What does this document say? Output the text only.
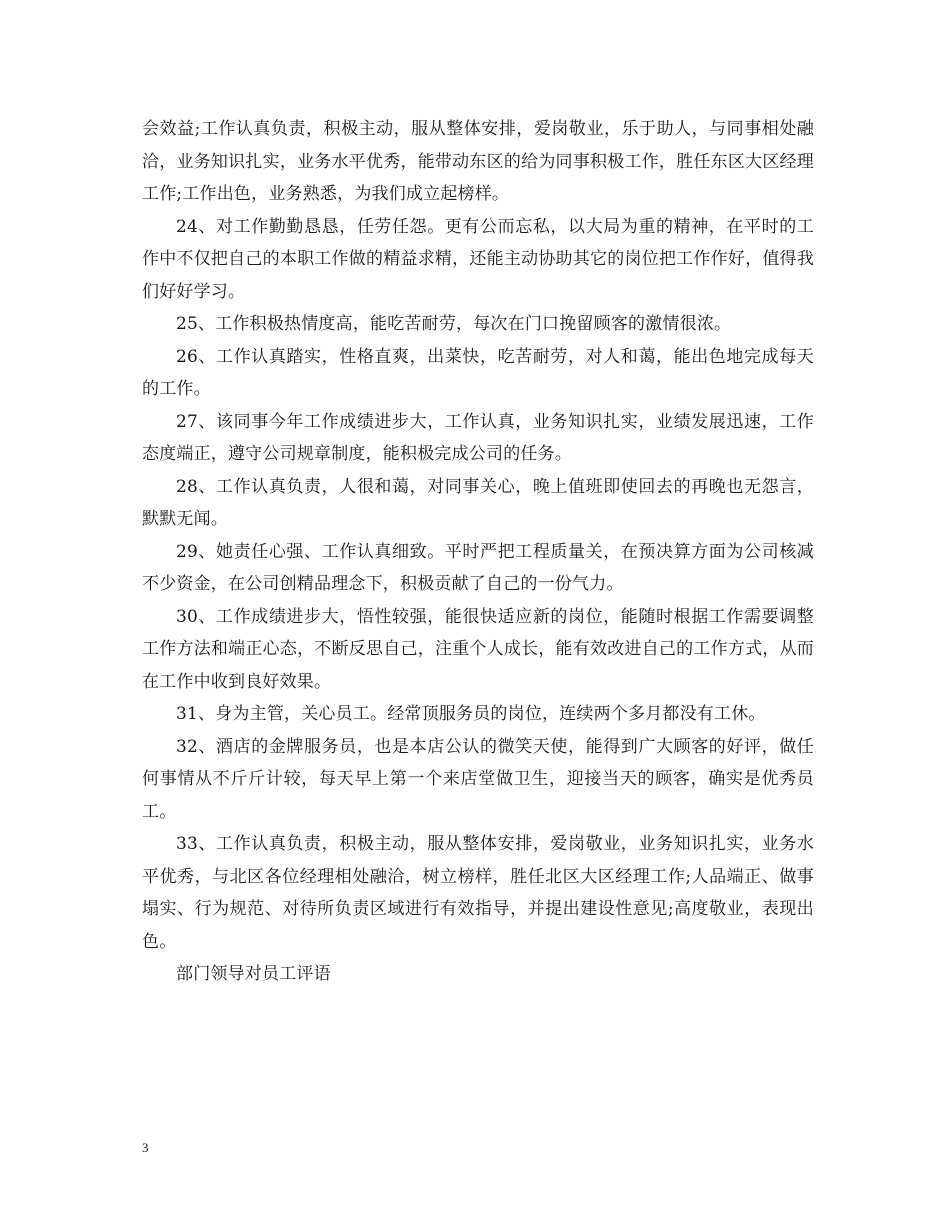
会效益;工作认真负责，积极主动，服从整体安排，爱岗敬业，乐于助人，与同事相处融洽，业务知识扎实，业务水平优秀，能带动东区的给为同事积极工作，胜任东区大区经理工作;工作出色，业务熟悉，为我们成立起榜样。

24、对工作勤勤恳恳，任劳任怨。更有公而忘私，以大局为重的精神，在平时的工作中不仅把自己的本职工作做的精益求精，还能主动协助其它的岗位把工作作好，值得我们好好学习。

25、工作积极热情度高，能吃苦耐劳，每次在门口挽留顾客的激情很浓。

26、工作认真踏实，性格直爽，出菜快，吃苦耐劳，对人和蔼，能出色地完成每天的工作。

27、该同事今年工作成绩进步大，工作认真，业务知识扎实，业绩发展迅速，工作态度端正，遵守公司规章制度，能积极完成公司的任务。

28、工作认真负责，人很和蔼，对同事关心，晚上值班即使回去的再晚也无怨言，默默无闻。

29、她责任心强、工作认真细致。平时严把工程质量关，在预决算方面为公司核减不少资金，在公司创精品理念下，积极贡献了自己的一份气力。

30、工作成绩进步大，悟性较强，能很快适应新的岗位，能随时根据工作需要调整工作方法和端正心态，不断反思自己，注重个人成长，能有效改进自己的工作方式，从而在工作中收到良好效果。

31、身为主管，关心员工。经常顶服务员的岗位，连续两个多月都没有工休。

32、酒店的金牌服务员，也是本店公认的微笑天使，能得到广大顾客的好评，做任何事情从不斤斤计较，每天早上第一个来店堂做卫生，迎接当天的顾客，确实是优秀员工。

33、工作认真负责，积极主动，服从整体安排，爱岗敬业，业务知识扎实，业务水平优秀，与北区各位经理相处融洽，树立榜样，胜任北区大区经理工作;人品端正、做事塌实、行为规范、对待所负责区域进行有效指导，并提出建设性意见;高度敬业，表现出色。

部门领导对员工评语

3
